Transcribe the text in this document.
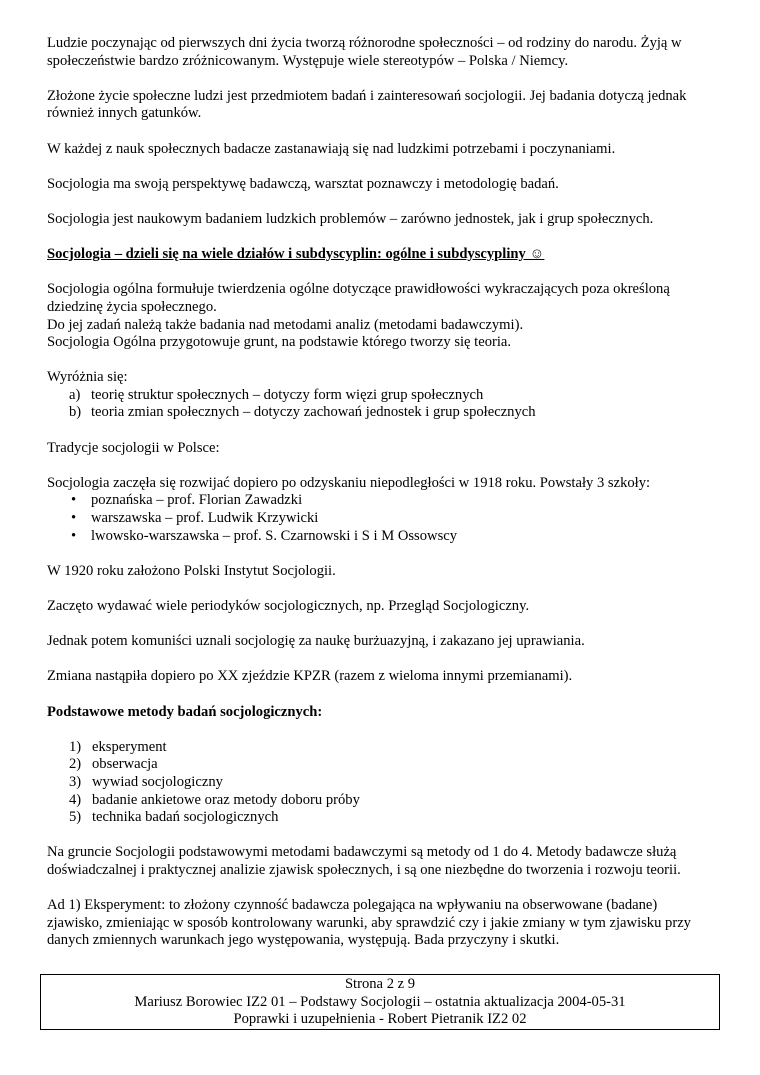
Ludzie poczynając od pierwszych dni życia tworzą różnorodne społeczności – od rodziny do narodu. Żyją w
społeczeństwie bardzo zróżnicowanym. Występuje wiele stereotypów – Polska / Niemcy.

Złożone życie społeczne ludzi jest przedmiotem badań i zainteresowań socjologii. Jej badania dotyczą jednak
również innych gatunków.

W każdej z nauk społecznych badacze zastanawiają się nad ludzkimi potrzebami i poczynaniami.

Socjologia ma swoją perspektywę badawczą, warsztat poznawczy i metodologię badań.

Socjologia jest naukowym badaniem ludzkich problemów – zarówno jednostek, jak i grup społecznych.

Socjologia – dzieli się na wiele działów i subdyscyplin: ogólne i subdyscypliny ☺

Socjologia ogólna formułuje twierdzenia ogólne dotyczące prawidłowości wykraczających poza określoną
dziedzinę życia społecznego.
Do jej zadań należą także badania nad metodami analiz (metodami badawczymi).
Socjologia Ogólna przygotowuje grunt, na podstawie którego tworzy się teoria.

Wyróżnia się:

a) teorię struktur społecznych – dotyczy form więzi grup społecznych
b) teoria zmian społecznych – dotyczy zachowań jednostek i grup społecznych

Tradycje socjologii w Polsce:

Socjologia zaczęła się rozwijać dopiero po odzyskaniu niepodległości w 1918 roku. Powstały 3 szkoły:

• poznańska – prof. Florian Zawadzki
• warszawska – prof. Ludwik Krzywicki
• lwowsko-warszawska – prof. S. Czarnowski i S i M Ossowscy

W 1920 roku założono Polski Instytut Socjologii.

Zaczęto wydawać wiele periodyków socjologicznych, np. Przegląd Socjologiczny.

Jednak potem komuniści uznali socjologię za naukę burżuazyjną, i zakazano jej uprawiania.

Zmiana nastąpiła dopiero po XX zjeździe KPZR (razem z wieloma innymi przemianami).

Podstawowe metody badań socjologicznych:

1) eksperyment
2) obserwacja
3) wywiad socjologiczny
4) badanie ankietowe oraz metody doboru próby
5) technika badań socjologicznych

Na gruncie Socjologii podstawowymi metodami badawczymi są metody od 1 do 4. Metody badawcze służą
doświadczalnej i praktycznej analizie zjawisk społecznych, i są one niezbędne do tworzenia i rozwoju teorii.

Ad 1) Eksperyment: to złożony czynność badawcza polegająca na wpływaniu na obserwowane (badane)
zjawisko, zmieniając w sposób kontrolowany warunki, aby sprawdzić czy i jakie zmiany w tym zjawisku przy
danych zmiennych warunkach jego występowania, występują. Bada przyczyny i skutki.

Strona 2 z 9
Mariusz Borowiec IZ2 01 – Podstawy Socjologii – ostatnia aktualizacja 2004-05-31
Poprawki i uzupełnienia - Robert Pietranik IZ2 02
